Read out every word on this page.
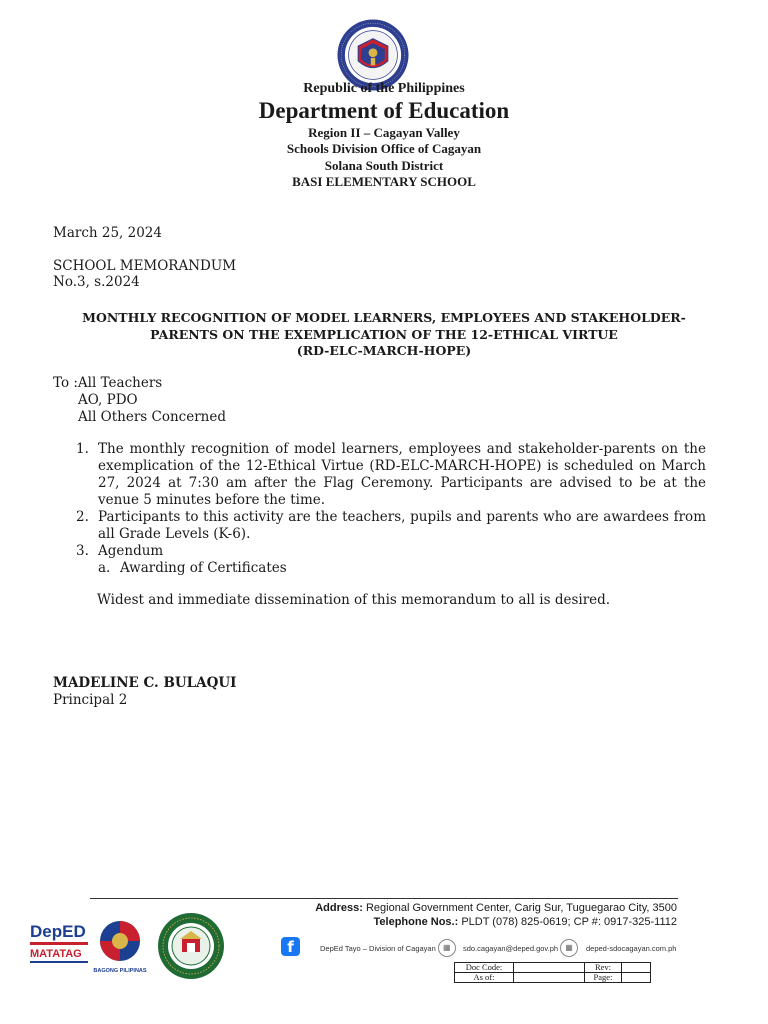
Republic of the Philippines
Department of Education
Region II – Cagayan Valley
Schools Division Office of Cagayan
Solana South District
BASI ELEMENTARY SCHOOL
March 25, 2024
SCHOOL MEMORANDUM
No.3, s.2024
MONTHLY RECOGNITION OF MODEL LEARNERS, EMPLOYEES AND STAKEHOLDER-
PARENTS ON THE EXEMPLICATION OF THE 12-ETHICAL VIRTUE
(RD-ELC-MARCH-HOPE)
To :All Teachers
AO, PDO
All Others Concerned
1. The monthly recognition of model learners, employees and stakeholder-parents on the exemplication of the 12-Ethical Virtue (RD-ELC-MARCH-HOPE) is scheduled on March 27, 2024 at 7:30 am after the Flag Ceremony. Participants are advised to be at the venue 5 minutes before the time.
2. Participants to this activity are the teachers, pupils and parents who are awardees from all Grade Levels (K-6).
3. Agendum
a. Awarding of Certificates
Widest and immediate dissemination of this memorandum to all is desired.
MADELINE C. BULAQUI
Principal 2
Address: Regional Government Center, Carig Sur, Tuguegarao City, 3500
Telephone Nos.: PLDT (078) 825-0619; CP #: 0917-325-1112
DepED
MATATAG
BAGONG PILIPINAS
f	DepEd Tayo – Division of Cagayan ▦	sdo.cagayan@deped.gov.ph ▦	deped-sdocagayan.com.ph
Doc Code:		Rev:	
As of:		Page:	
